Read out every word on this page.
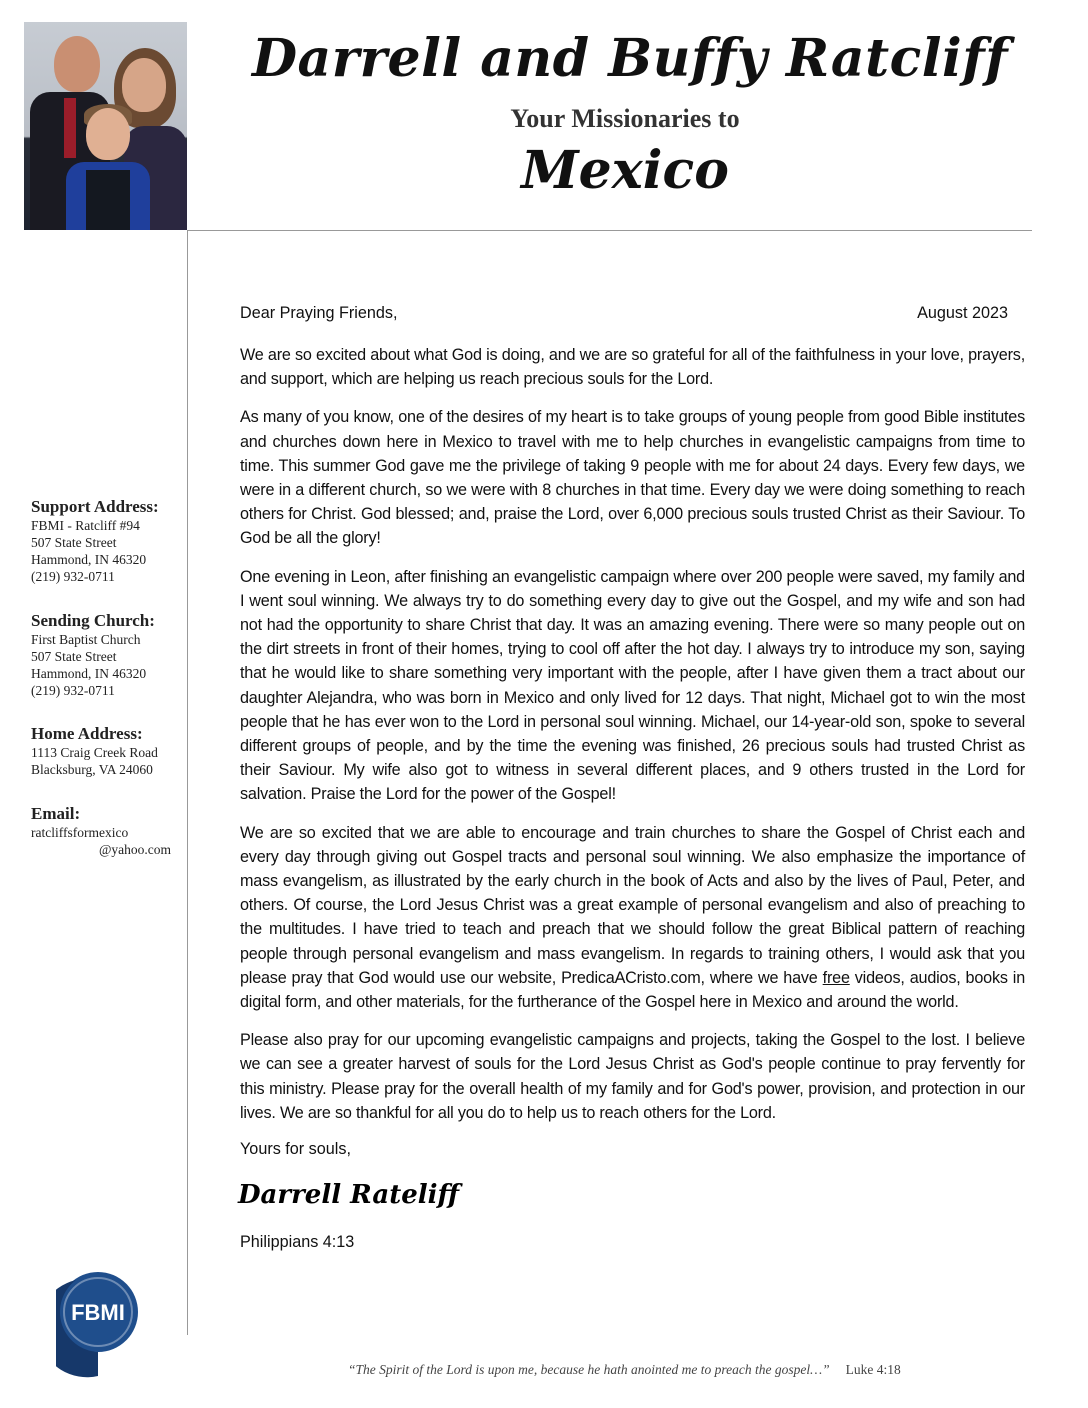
Darrell and Buffy Ratcliff
Your Missionaries to
Mexico
Support Address:
FBMI - Ratcliff #94
507 State Street
Hammond, IN 46320
(219) 932-0711
Sending Church:
First Baptist Church
507 State Street
Hammond, IN 46320
(219) 932-0711
Home Address:
1113 Craig Creek Road
Blacksburg, VA 24060
Email:
ratcliffsformexico
@yahoo.com
Dear Praying Friends,	August 2023

We are so excited about what God is doing, and we are so grateful for all of the faithfulness in your love, prayers, and support, which are helping us reach precious souls for the Lord.

As many of you know, one of the desires of my heart is to take groups of young people from good Bible institutes and churches down here in Mexico to travel with me to help churches in evangelistic campaigns from time to time. This summer God gave me the privilege of taking 9 people with me for about 24 days. Every few days, we were in a different church, so we were with 8 churches in that time. Every day we were doing something to reach others for Christ. God blessed; and, praise the Lord, over 6,000 precious souls trusted Christ as their Saviour. To God be all the glory!

One evening in Leon, after finishing an evangelistic campaign where over 200 people were saved, my family and I went soul winning. We always try to do something every day to give out the Gospel, and my wife and son had not had the opportunity to share Christ that day. It was an amazing evening. There were so many people out on the dirt streets in front of their homes, trying to cool off after the hot day. I always try to introduce my son, saying that he would like to share something very important with the people, after I have given them a tract about our daughter Alejandra, who was born in Mexico and only lived for 12 days. That night, Michael got to win the most people that he has ever won to the Lord in personal soul winning. Michael, our 14-year-old son, spoke to several different groups of people, and by the time the evening was finished, 26 precious souls had trusted Christ as their Saviour. My wife also got to witness in several different places, and 9 others trusted in the Lord for salvation. Praise the Lord for the power of the Gospel!

We are so excited that we are able to encourage and train churches to share the Gospel of Christ each and every day through giving out Gospel tracts and personal soul winning. We also emphasize the importance of mass evangelism, as illustrated by the early church in the book of Acts and also by the lives of Paul, Peter, and others. Of course, the Lord Jesus Christ was a great example of personal evangelism and also of preaching to the multitudes. I have tried to teach and preach that we should follow the great Biblical pattern of reaching people through personal evangelism and mass evangelism. In regards to training others, I would ask that you please pray that God would use our website, PredicaACristo.com, where we have free videos, audios, books in digital form, and other materials, for the furtherance of the Gospel here in Mexico and around the world.

Please also pray for our upcoming evangelistic campaigns and projects, taking the Gospel to the lost. I believe we can see a greater harvest of souls for the Lord Jesus Christ as God's people continue to pray fervently for this ministry. Please pray for the overall health of my family and for God's power, provision, and protection in our lives. We are so thankful for all you do to help us to reach others for the Lord.

Yours for souls,
Darrell Rateliff
Philippians 4:13
FBMI
“The Spirit of the Lord is upon me, because he hath anointed me to preach the gospel…” Luke 4:18
